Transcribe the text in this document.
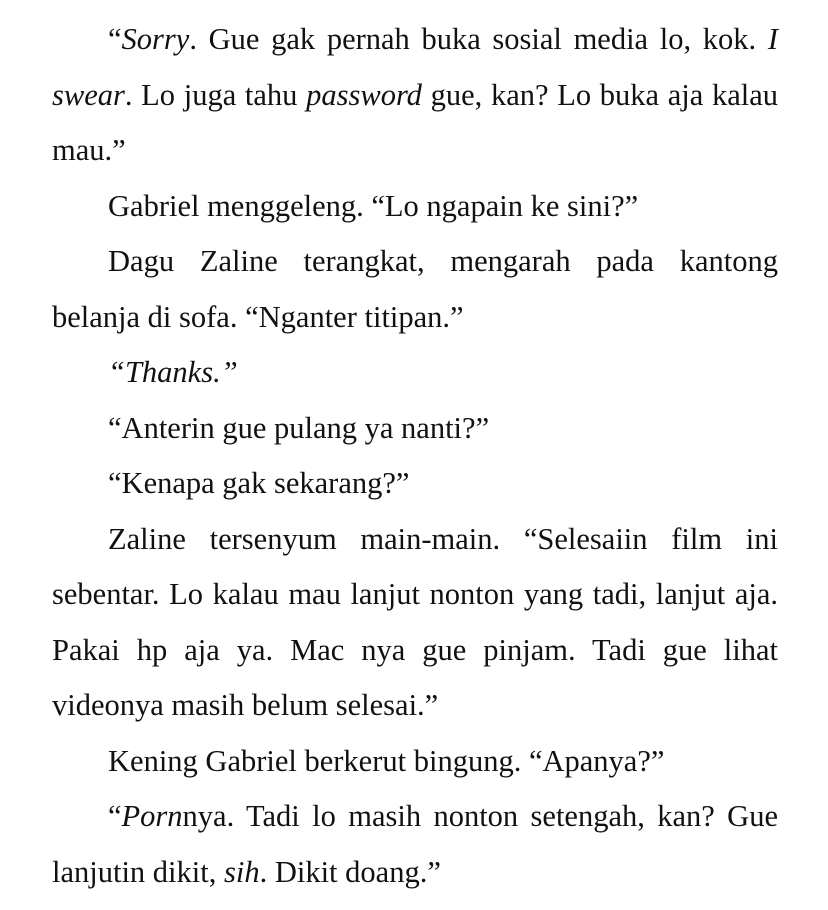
“Sorry. Gue gak pernah buka sosial media lo, kok. I swear. Lo juga tahu password gue, kan? Lo buka aja kalau mau.”

Gabriel menggeleng. “Lo ngapain ke sini?”

Dagu Zaline terangkat, mengarah pada kantong belanja di sofa. “Nganter titipan.”

“Thanks.”

“Anterin gue pulang ya nanti?”

“Kenapa gak sekarang?”

Zaline tersenyum main-main. “Selesaiin film ini sebentar. Lo kalau mau lanjut nonton yang tadi, lanjut aja. Pakai hp aja ya. Mac nya gue pinjam. Tadi gue lihat videonya masih belum selesai.”

Kening Gabriel berkerut bingung. “Apanya?”

“Pornnya. Tadi lo masih nonton setengah, kan? Gue lanjutin dikit, sih. Dikit doang.”
